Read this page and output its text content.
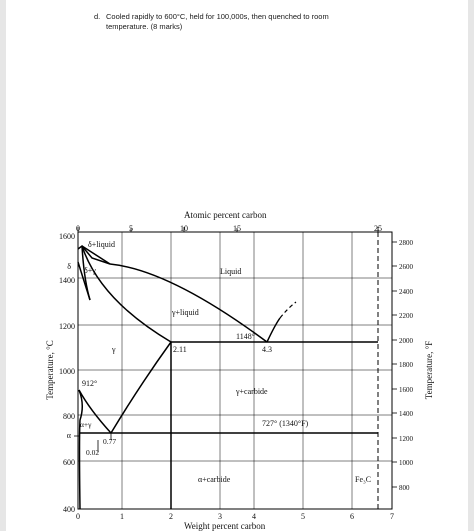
d. Cooled rapidly to 600°C, held for 100,000s, then quenched to room
temperature. (8 marks)
Atomic percent carbon
0	5	10	15	25
0	1	2	3	4	5	6	7
Weight percent carbon
1600
1400
1200
1000
800
600
400
Temperature, °C
δ
α
2800
2600
2400
2200
2000
1800
1600
1400
1200
1000
800
Temperature, °F
δ+liquid
δ+γ	Liquid
γ+liquid
γ
γ+carbide
α+γ
α+carbide	Fe₃C
1148°
2.11	4.3
912°
727° (1340°F)
0.77
0.02
